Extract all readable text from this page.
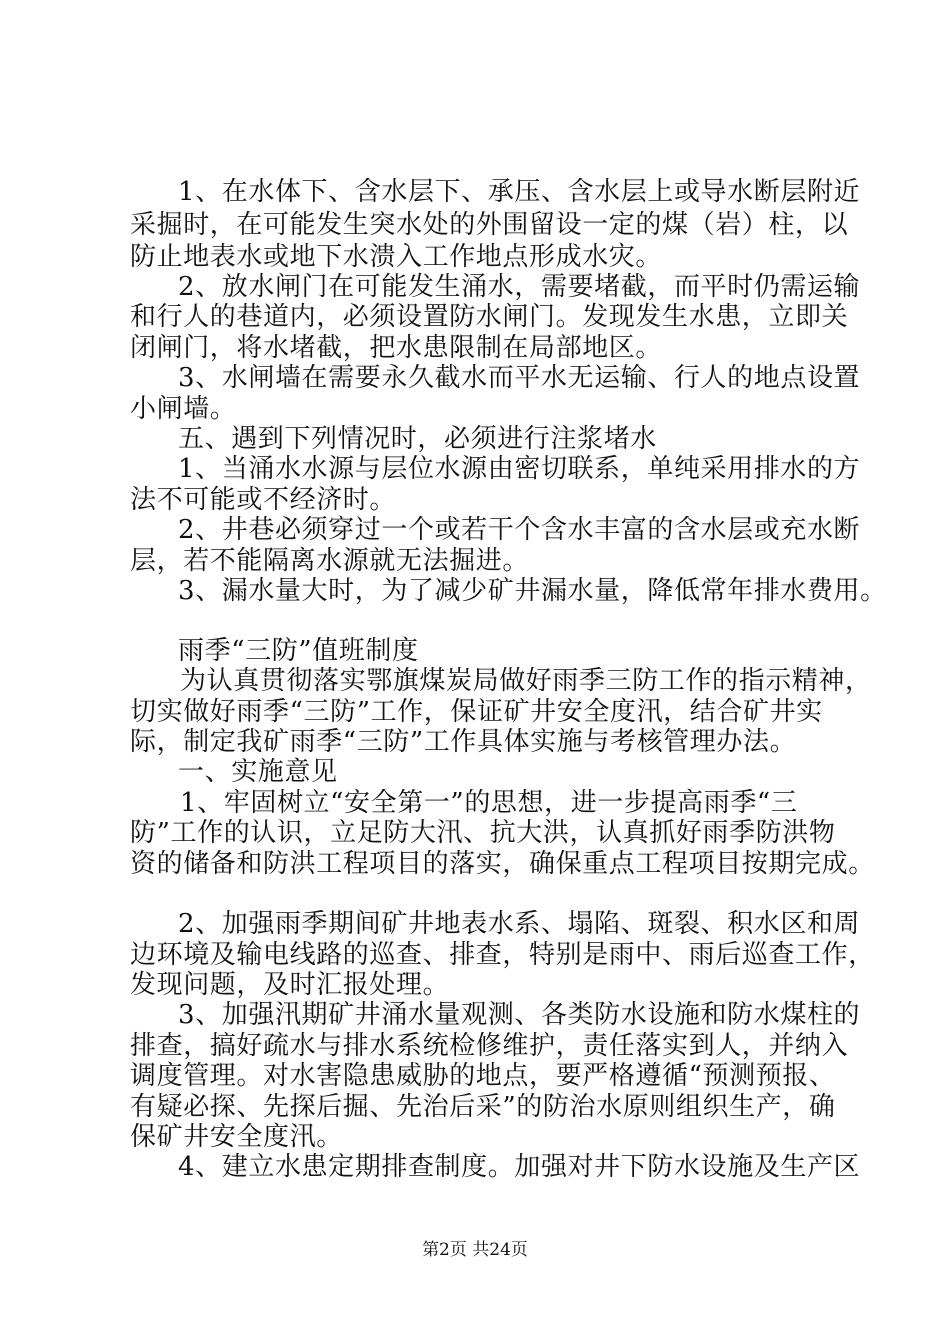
1、在水体下、含水层下、承压、含水层上或导水断层附近
采掘时，在可能发生突水处的外围留设一定的煤（岩）柱，以
防止地表水或地下水溃入工作地点形成水灾。
2、放水闸门在可能发生涌水，需要堵截，而平时仍需运输
和行人的巷道内，必须设置防水闸门。发现发生水患，立即关
闭闸门，将水堵截，把水患限制在局部地区。
3、水闸墙在需要永久截水而平水无运输、行人的地点设置
小闸墙。
五、遇到下列情况时，必须进行注浆堵水
1、当涌水水源与层位水源由密切联系，单纯采用排水的方
法不可能或不经济时。
2、井巷必须穿过一个或若干个含水丰富的含水层或充水断
层，若不能隔离水源就无法掘进。
3、漏水量大时，为了减少矿井漏水量，降低常年排水费用。
雨季“三防”值班制度
为认真贯彻落实鄂旗煤炭局做好雨季三防工作的指示精神，
切实做好雨季“三防”工作，保证矿井安全度汛，结合矿井实
际，制定我矿雨季“三防”工作具体实施与考核管理办法。
一、实施意见
1、牢固树立“安全第一”的思想，进一步提高雨季“三
防”工作的认识，立足防大汛、抗大洪，认真抓好雨季防洪物
资的储备和防洪工程项目的落实，确保重点工程项目按期完成。
2、加强雨季期间矿井地表水系、塌陷、斑裂、积水区和周
边环境及输电线路的巡查、排查，特别是雨中、雨后巡查工作，
发现问题，及时汇报处理。
3、加强汛期矿井涌水量观测、各类防水设施和防水煤柱的
排查，搞好疏水与排水系统检修维护，责任落实到人，并纳入
调度管理。对水害隐患威胁的地点，要严格遵循“预测预报、
有疑必探、先探后掘、先治后采”的防治水原则组织生产，确
保矿井安全度汛。
4、建立水患定期排查制度。加强对井下防水设施及生产区
第2页 共24页
